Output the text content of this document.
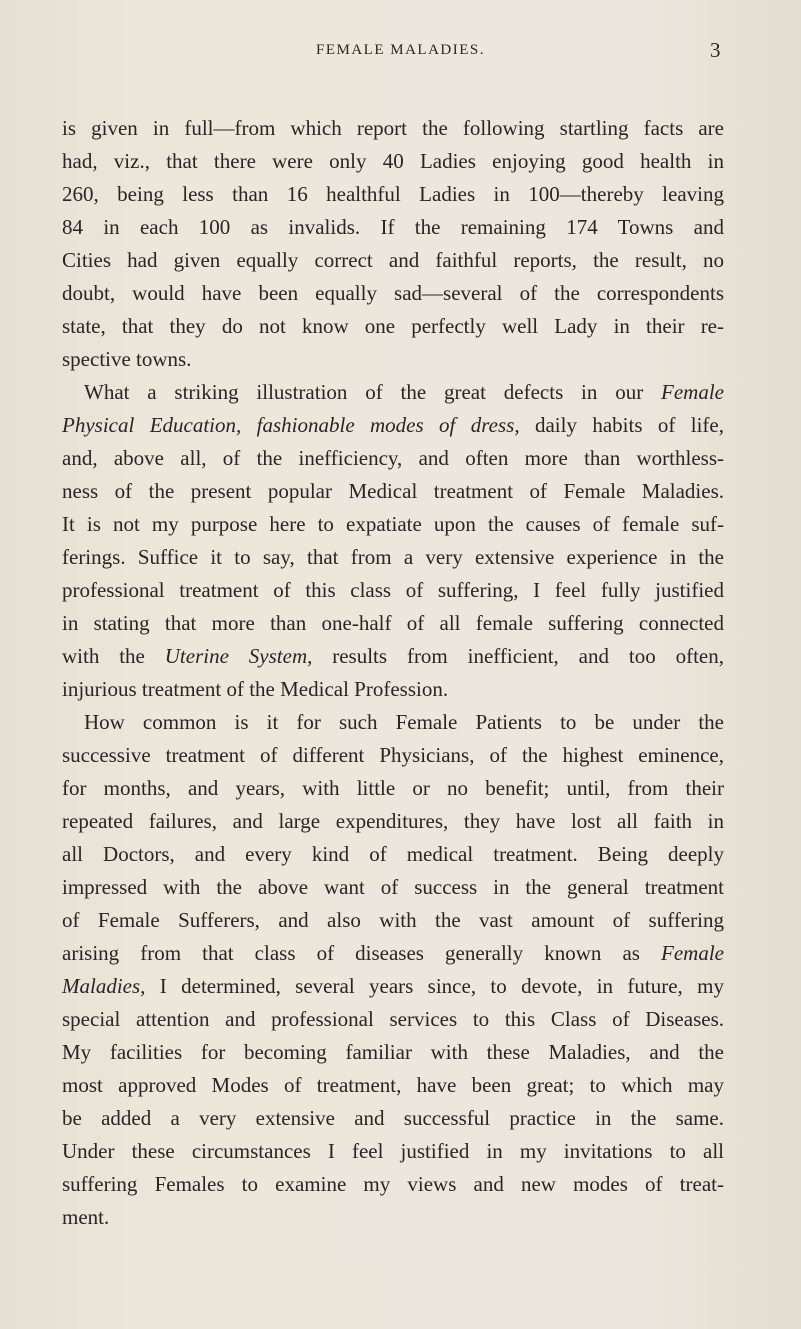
FEMALE MALADIES.	3
is given in full—from which report the following startling facts are
had, viz., that there were only 40 Ladies enjoying good health in
260, being less than 16 healthful Ladies in 100—thereby leaving
84 in each 100 as invalids. If the remaining 174 Towns and
Cities had given equally correct and faithful reports, the result, no
doubt, would have been equally sad—several of the correspondents
state, that they do not know one perfectly well Lady in their re-
spective towns.
What a striking illustration of the great defects in our Female
Physical Education, fashionable modes of dress, daily habits of life,
and, above all, of the inefficiency, and often more than worthless-
ness of the present popular Medical treatment of Female Maladies.
It is not my purpose here to expatiate upon the causes of female suf-
ferings. Suffice it to say, that from a very extensive experience in the
professional treatment of this class of suffering, I feel fully justified
in stating that more than one-half of all female suffering connected
with the Uterine System, results from inefficient, and too often,
injurious treatment of the Medical Profession.
How common is it for such Female Patients to be under the
successive treatment of different Physicians, of the highest eminence,
for months, and years, with little or no benefit; until, from their
repeated failures, and large expenditures, they have lost all faith in
all Doctors, and every kind of medical treatment. Being deeply
impressed with the above want of success in the general treatment
of Female Sufferers, and also with the vast amount of suffering
arising from that class of diseases generally known as Female
Maladies, I determined, several years since, to devote, in future, my
special attention and professional services to this Class of Diseases.
My facilities for becoming familiar with these Maladies, and the
most approved Modes of treatment, have been great; to which may
be added a very extensive and successful practice in the same.
Under these circumstances I feel justified in my invitations to all
suffering Females to examine my views and new modes of treat-
ment.
